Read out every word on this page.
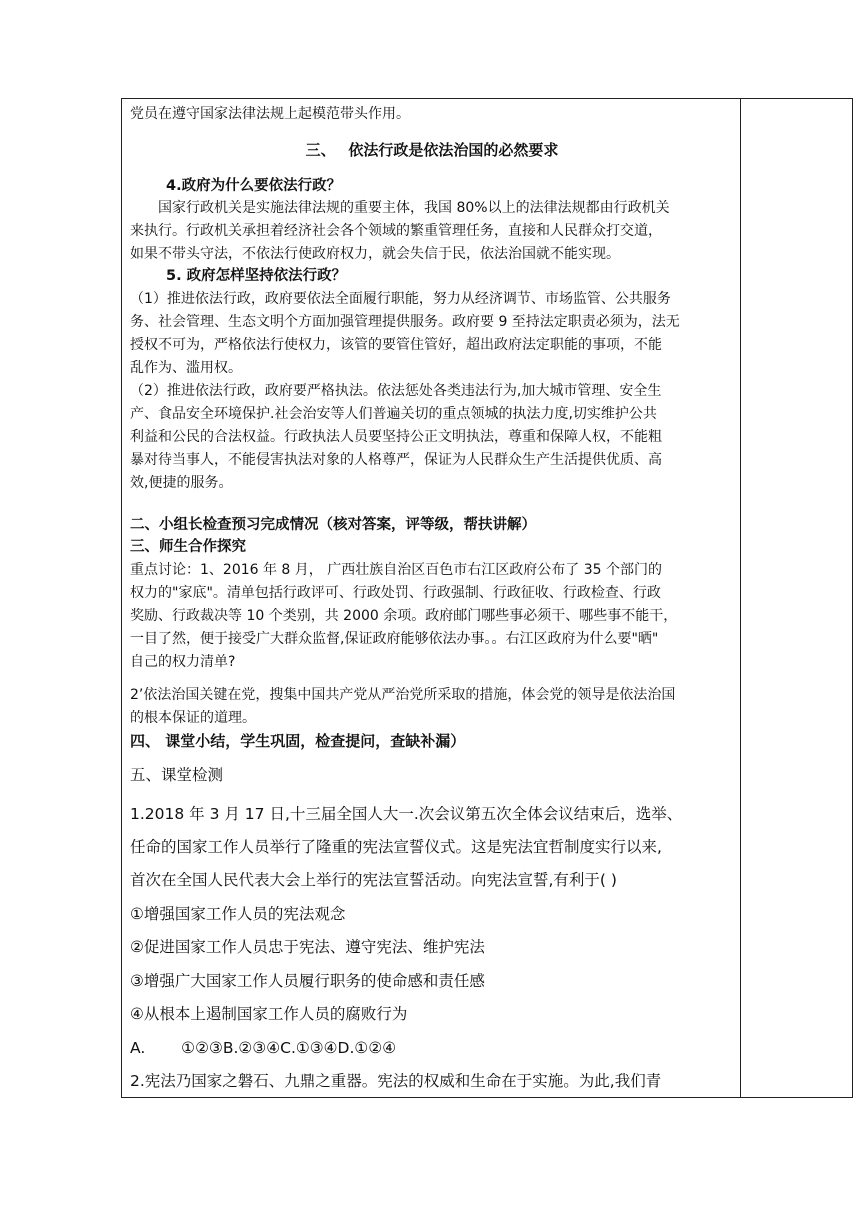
党员在遵守国家法律法规上起模范带头作用。
三、　 依法行政是依法治国的必然要求
4.政府为什么要依法行政？
国家行政机关是实施法律法规的重要主体，我国 80%以上的法律法规都由行政机关
来执行。行政机关承担着经济社会各个领域的繁重管理任务，直接和人民群众打交道，
如果不带头守法，不依法行使政府权力，就会失信于民，依法治国就不能实现。
5. 政府怎样坚持依法行政？
（1）推进依法行政，政府要依法全面履行职能，努力从经济调节、市场监管、公共服务
务、社会管理、生态文明个方面加强管理提供服务。政府要 9 至持法定职责必须为，法无
授权不可为，严格依法行使权力，该管的要管住管好，超出政府法定职能的事项，不能
乱作为、滥用权。
（2）推进依法行政，政府要严格执法。依法惩处各类违法行为,加大城市管理、安全生
产、食品安全环境保护.社会治安等人们普遍关切的重点领城的执法力度,切实维护公共
利益和公民的合法权益。行政执法人员要坚持公正文明执法，尊重和保障人权，不能粗
暴对待当事人，不能侵害执法对象的人格尊严，保证为人民群众生产生活提供优质、高
效,便捷的服务。
二、小组长检查预习完成情况（核对答案，评等级，帮扶讲解）
三、师生合作探究
重点讨论：1、2016 年 8 月， 广西壮族自治区百色市右江区政府公布了 35 个部门的
权力的"家底"。清单包括行政评可、行政处罚、行政强制、行政征收、行政检查、行政
奖励、行政裁决等 10 个类别，共 2000 余项。政府邮门哪些事必须干、哪些事不能干，
一目了然，便于接受广大群众监督,保证政府能够依法办事。。右江区政府为什么要"晒"
自己的权力清单?
2’依法治国关键在党，搜集中国共产党从严治党所采取的措施，体会党的领导是依法治国
的根本保证的道理。
四、 课堂小结，学生巩固，检查提问，查缺补漏）
五、课堂检测
1.2018 年 3 月 17 日,十三届全国人大一.次会议第五次全体会议结束后，选举、
任命的国家工作人员举行了隆重的宪法宣誓仪式。这是宪法宜哲制度实行以来,
首次在全国人民代表大会上举行的宪法宣誓活动。向宪法宣誓,有利于( )
①增强国家工作人员的宪法观念
②促进国家工作人员忠于宪法、遵守宪法、维护宪法
③增强广大国家工作人员履行职务的使命感和责任感
④从根本上遏制国家工作人员的腐败行为
A.　　 ①②③B.②③④C.①③④D.①②④
2.宪法乃国家之磐石、九鼎之重器。宪法的权威和生命在于实施。为此,我们青
